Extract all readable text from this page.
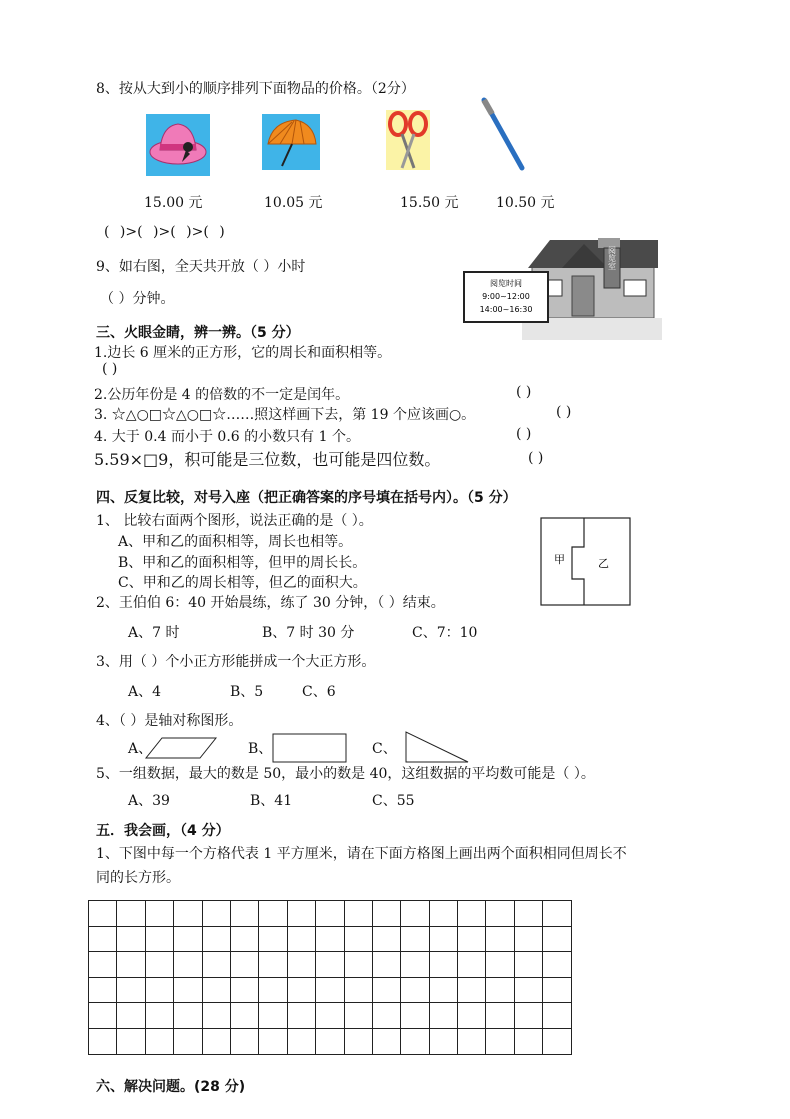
8、按从大到小的顺序排列下面物品的价格。（2分）
15.00 元	10.05 元	15.50 元	10.50 元
( )>( )>( )>( )
9、如右图，全天共开放（ ）小时
（ ）分钟。
阅览室
阅览时间
9:00~12:00
14:00~16:30
三、火眼金睛，辨一辨。（5 分）
1.边长 6 厘米的正方形，它的周长和面积相等。
( )
2.公历年份是 4 的倍数的不一定是闰年。	( )
3. ☆△○□☆△○□☆……照这样画下去，第 19 个应该画○。	( )
4. 大于 0.4 而小于 0.6 的小数只有 1 个。	( )
5.59×□9，积可能是三位数，也可能是四位数。	( )
四、反复比较，对号入座（把正确答案的序号填在括号内）。（5 分）
1、 比较右面两个图形，说法正确的是（ ）。
A、甲和乙的面积相等，周长也相等。
B、甲和乙的面积相等，但甲的周长长。
C、甲和乙的周长相等，但乙的面积大。
甲	乙
2、王伯伯 6：40 开始晨练，练了 30 分钟，（ ）结束。
A、7 时	B、7 时 30 分	C、7：10
3、用（ ）个小正方形能拼成一个大正方形。
A、4	B、5	C、6
4、（ ）是轴对称图形。
A、	B、	C、
5、一组数据，最大的数是 50，最小的数是 40，这组数据的平均数可能是（ ）。
A、39	B、41	C、55
五．我会画，（4 分）
1、下图中每一个方格代表 1 平方厘米，请在下面方格图上画出两个面积相同但周长不
同的长方形。

六、解决问题。(28 分)
